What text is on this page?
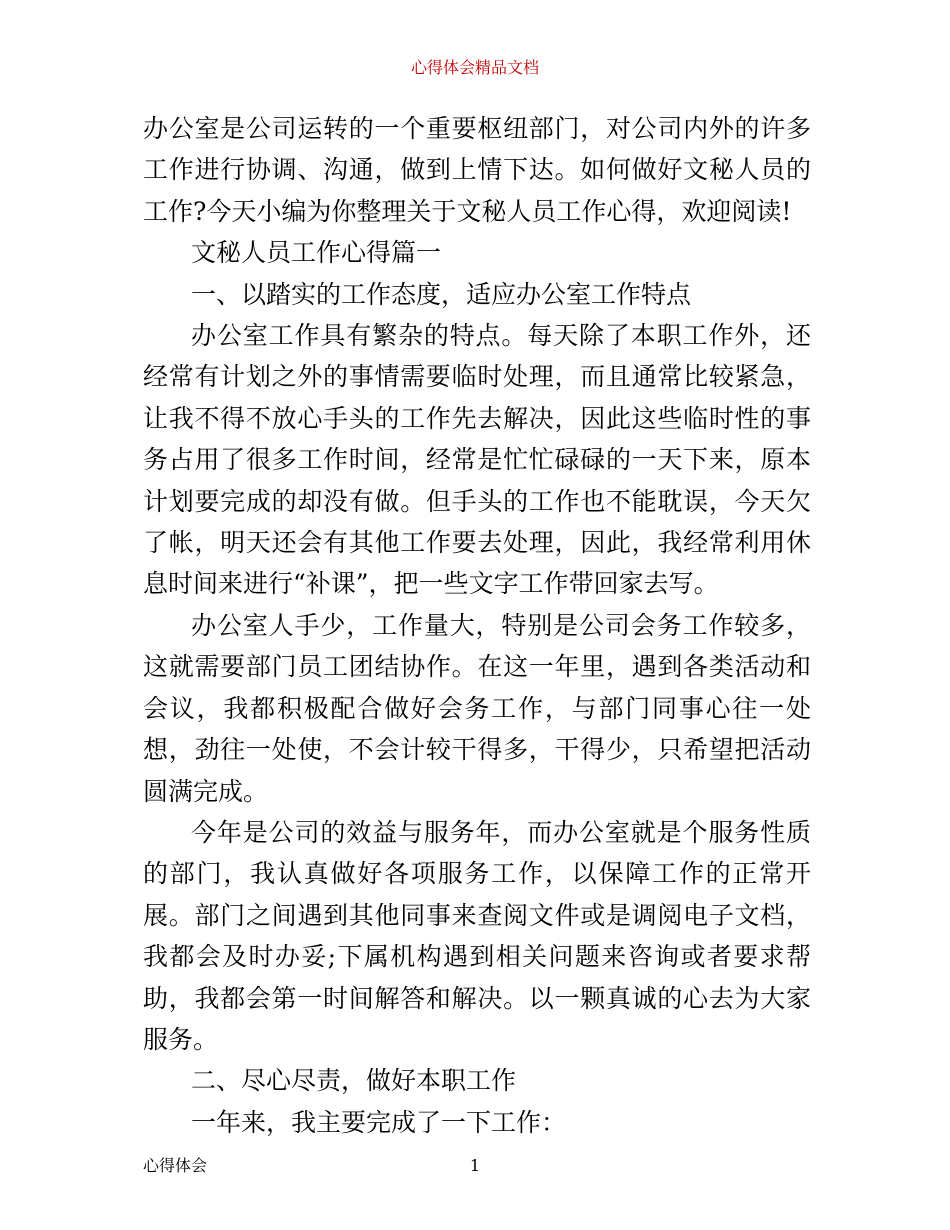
心得体会精品文档

办公室是公司运转的一个重要枢纽部门，对公司内外的许多工作进行协调、沟通，做到上情下达。如何做好文秘人员的工作?今天小编为你整理关于文秘人员工作心得，欢迎阅读!

文秘人员工作心得篇一

一、以踏实的工作态度，适应办公室工作特点

办公室工作具有繁杂的特点。每天除了本职工作外，还经常有计划之外的事情需要临时处理，而且通常比较紧急，让我不得不放心手头的工作先去解决，因此这些临时性的事务占用了很多工作时间，经常是忙忙碌碌的一天下来，原本计划要完成的却没有做。但手头的工作也不能耽误，今天欠了帐，明天还会有其他工作要去处理，因此，我经常利用休息时间来进行“补课”，把一些文字工作带回家去写。

办公室人手少，工作量大，特别是公司会务工作较多，这就需要部门员工团结协作。在这一年里，遇到各类活动和会议，我都积极配合做好会务工作，与部门同事心往一处想，劲往一处使，不会计较干得多，干得少，只希望把活动圆满完成。

今年是公司的效益与服务年，而办公室就是个服务性质的部门，我认真做好各项服务工作，以保障工作的正常开展。部门之间遇到其他同事来查阅文件或是调阅电子文档，我都会及时办妥;下属机构遇到相关问题来咨询或者要求帮助，我都会第一时间解答和解决。以一颗真诚的心去为大家服务。

二、尽心尽责，做好本职工作

一年来，我主要完成了一下工作：

心得体会	1
